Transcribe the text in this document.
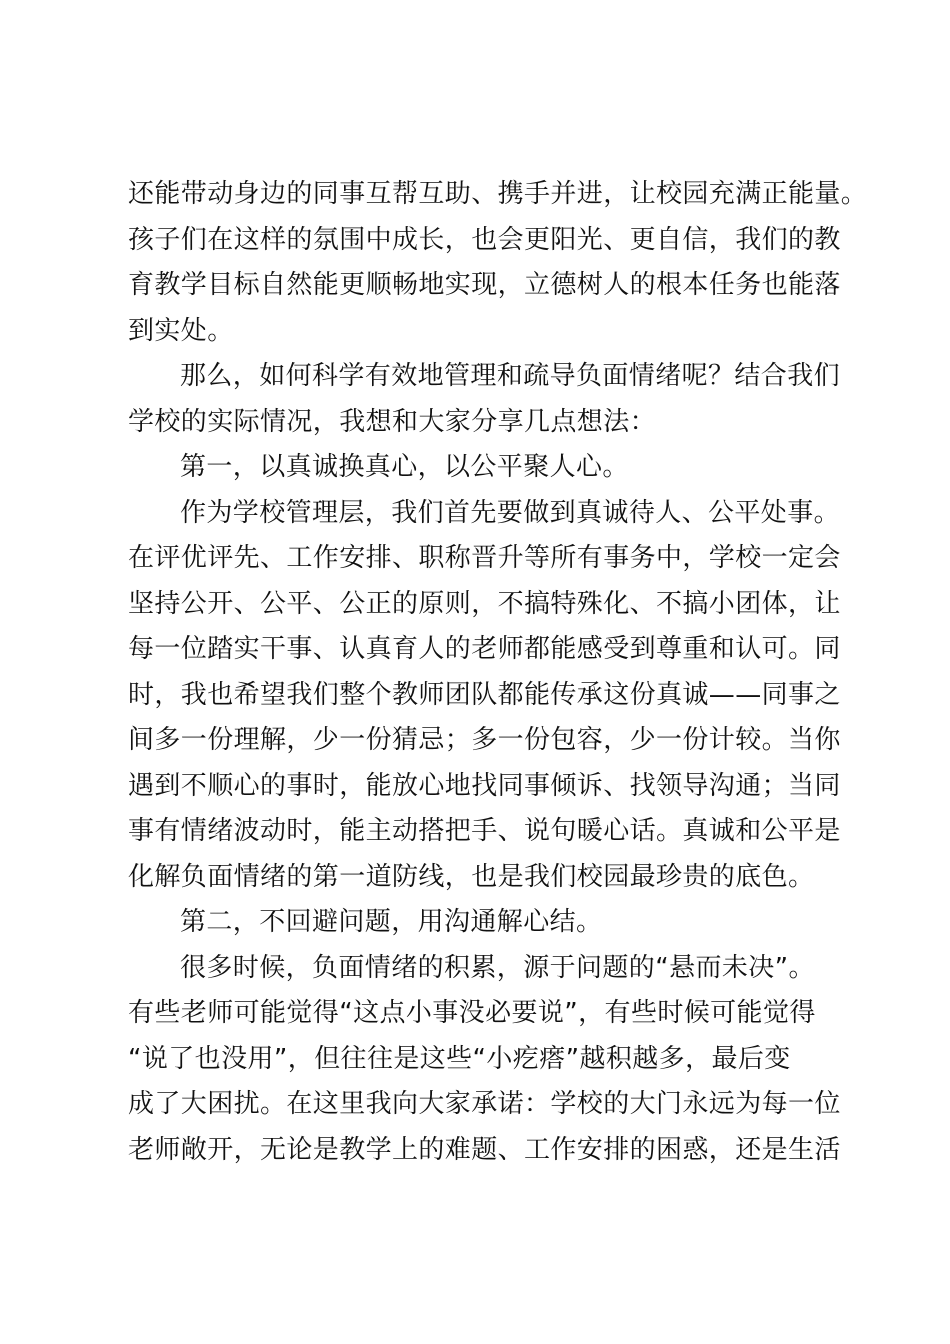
还能带动身边的同事互帮互助、携手并进，让校园充满正能量。
孩子们在这样的氛围中成长，也会更阳光、更自信，我们的教
育教学目标自然能更顺畅地实现，立德树人的根本任务也能落
到实处。
那么，如何科学有效地管理和疏导负面情绪呢？结合我们
学校的实际情况，我想和大家分享几点想法：
第一，以真诚换真心，以公平聚人心。
作为学校管理层，我们首先要做到真诚待人、公平处事。
在评优评先、工作安排、职称晋升等所有事务中，学校一定会
坚持公开、公平、公正的原则，不搞特殊化、不搞小团体，让
每一位踏实干事、认真育人的老师都能感受到尊重和认可。同
时，我也希望我们整个教师团队都能传承这份真诚——同事之
间多一份理解，少一份猜忌；多一份包容，少一份计较。当你
遇到不顺心的事时，能放心地找同事倾诉、找领导沟通；当同
事有情绪波动时，能主动搭把手、说句暖心话。真诚和公平是
化解负面情绪的第一道防线，也是我们校园最珍贵的底色。
第二，不回避问题，用沟通解心结。
很多时候，负面情绪的积累，源于问题的“悬而未决”。
有些老师可能觉得“这点小事没必要说”，有些时候可能觉得
“说了也没用”，但往往是这些“小疙瘩”越积越多，最后变
成了大困扰。在这里我向大家承诺：学校的大门永远为每一位
老师敞开，无论是教学上的难题、工作安排的困惑，还是生活
